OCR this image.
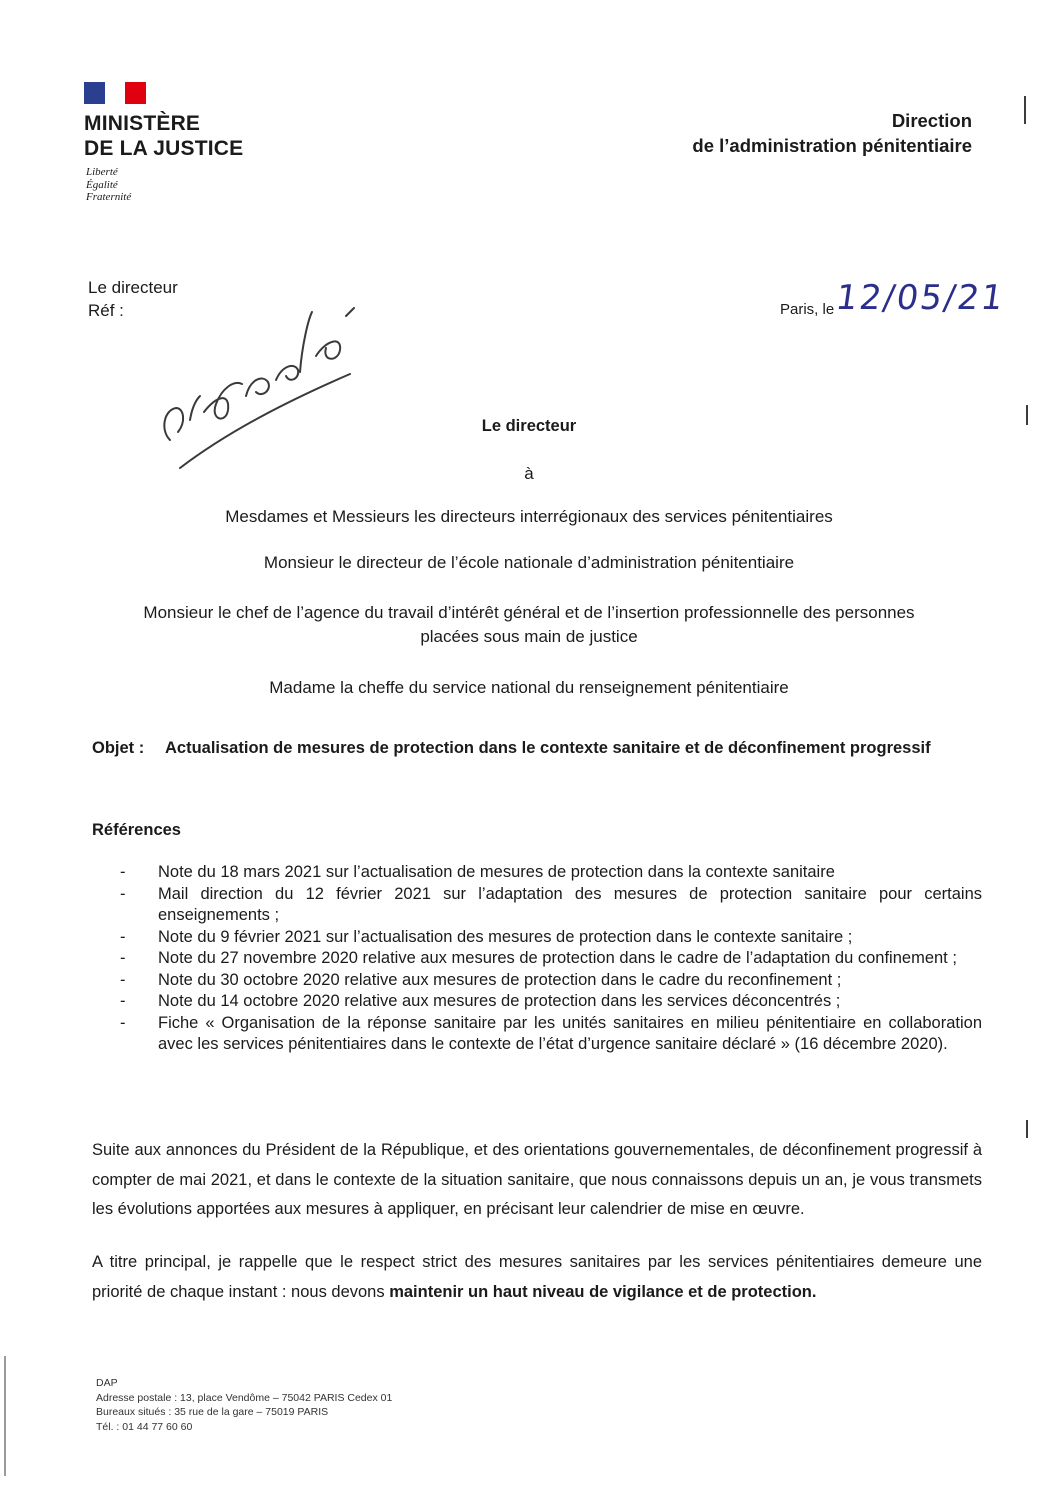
MINISTÈRE
DE LA JUSTICE
Liberté
Égalité
Fraternité
Direction
de l’administration pénitentiaire
Le directeur
Réf :	Paris, le 12/05/21
Le directeur
à
Mesdames et Messieurs les directeurs interrégionaux des services pénitentiaires
Monsieur le directeur de l’école nationale d’administration pénitentiaire
Monsieur le chef de l’agence du travail d’intérêt général et de l’insertion professionnelle des personnes
placées sous main de justice
Madame la cheffe du service national du renseignement pénitentiaire
Objet :	Actualisation de mesures de protection dans le contexte sanitaire et de déconfinement progressif
Références
-	Note du 18 mars 2021 sur l’actualisation de mesures de protection dans la contexte sanitaire
-	Mail direction du 12 février 2021 sur l’adaptation des mesures de protection sanitaire pour certains enseignements ;
-	Note du 9 février 2021 sur l’actualisation des mesures de protection dans le contexte sanitaire ;
-	Note du 27 novembre 2020 relative aux mesures de protection dans le cadre de l’adaptation du confinement ;
-	Note du 30 octobre 2020 relative aux mesures de protection dans le cadre du reconfinement ;
-	Note du 14 octobre 2020 relative aux mesures de protection dans les services déconcentrés ;
-	Fiche « Organisation de la réponse sanitaire par les unités sanitaires en milieu pénitentiaire en collaboration avec les services pénitentiaires dans le contexte de l’état d’urgence sanitaire déclaré » (16 décembre 2020).
Suite aux annonces du Président de la République, et des orientations gouvernementales, de déconfinement progressif à compter de mai 2021, et dans le contexte de la situation sanitaire, que nous connaissons depuis un an, je vous transmets les évolutions apportées aux mesures à appliquer, en précisant leur calendrier de mise en œuvre.
A titre principal, je rappelle que le respect strict des mesures sanitaires par les services pénitentiaires demeure une priorité de chaque instant : nous devons maintenir un haut niveau de vigilance et de protection.
DAP
Adresse postale : 13, place Vendôme – 75042 PARIS Cedex 01
Bureaux situés : 35 rue de la gare – 75019 PARIS
Tél. : 01 44 77 60 60
